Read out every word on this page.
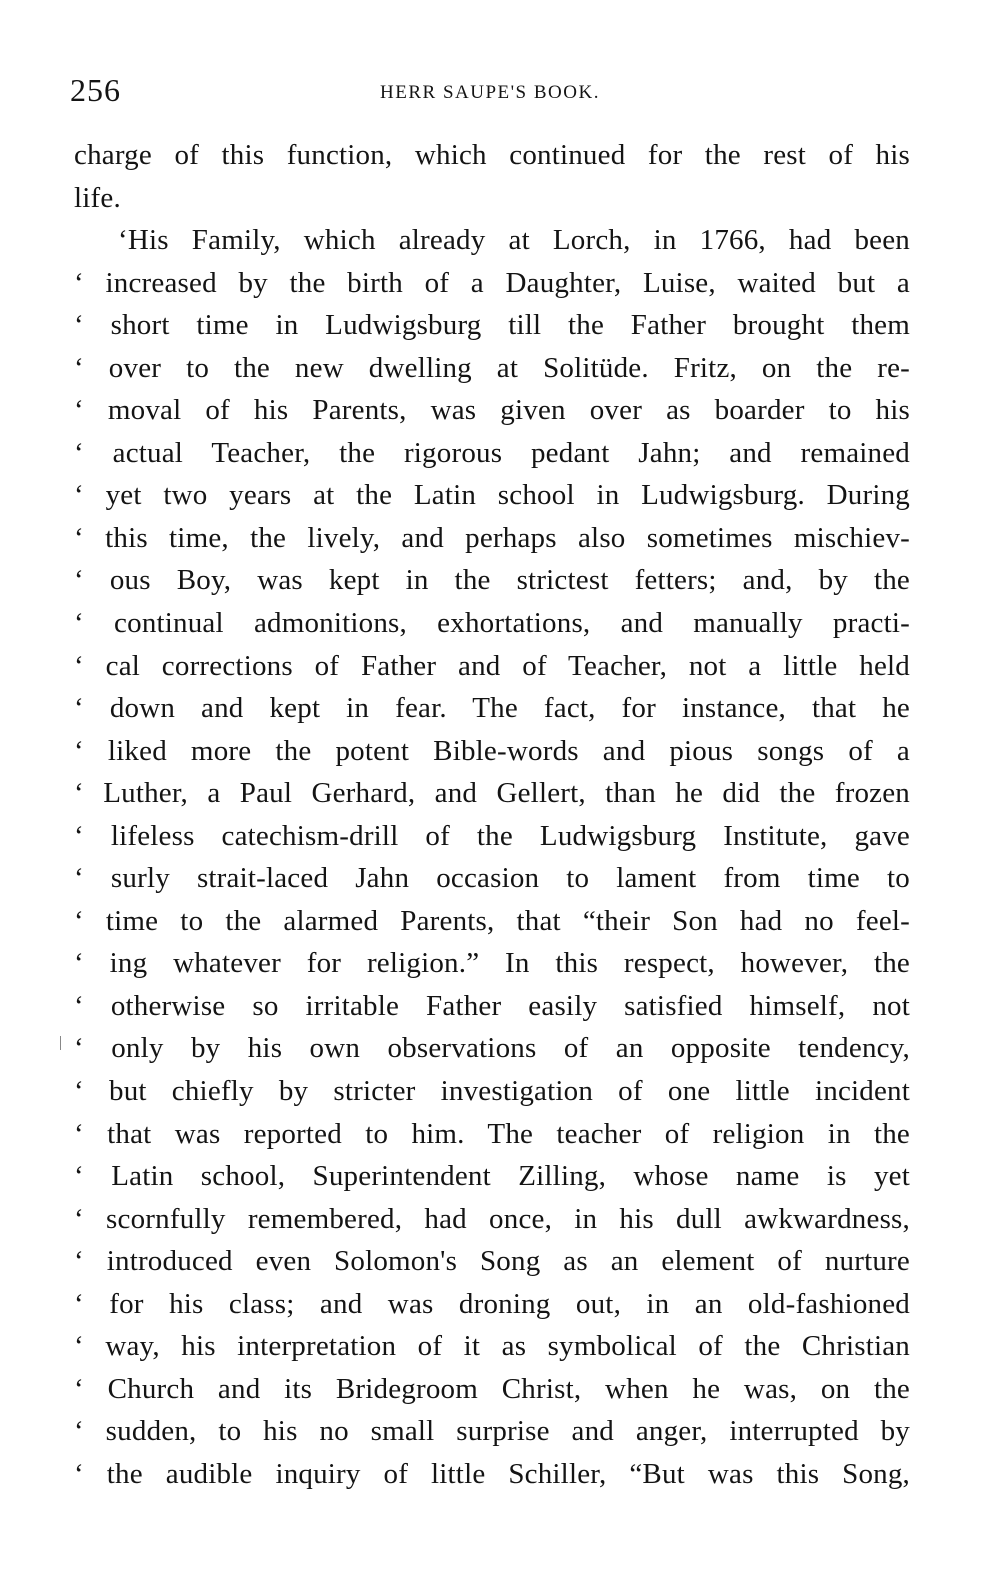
256	HERR SAUPE'S BOOK.
charge of this function, which continued for the rest of his
life.
‘His Family, which already at Lorch, in 1766, had been
‘ increased by the birth of a Daughter, Luise, waited but a
‘ short time in Ludwigsburg till the Father brought them
‘ over to the new dwelling at Solitüde. Fritz, on the re-
‘ moval of his Parents, was given over as boarder to his
‘ actual Teacher, the rigorous pedant Jahn; and remained
‘ yet two years at the Latin school in Ludwigsburg. During
‘ this time, the lively, and perhaps also sometimes mischiev-
‘ ous Boy, was kept in the strictest fetters; and, by the
‘ continual admonitions, exhortations, and manually practi-
‘ cal corrections of Father and of Teacher, not a little held
‘ down and kept in fear. The fact, for instance, that he
‘ liked more the potent Bible-words and pious songs of a
‘ Luther, a Paul Gerhard, and Gellert, than he did the frozen
‘ lifeless catechism-drill of the Ludwigsburg Institute, gave
‘ surly strait-laced Jahn occasion to lament from time to
‘ time to the alarmed Parents, that “their Son had no feel-
‘ ing whatever for religion.” In this respect, however, the
‘ otherwise so irritable Father easily satisfied himself, not
‘ only by his own observations of an opposite tendency,
‘ but chiefly by stricter investigation of one little incident
‘ that was reported to him. The teacher of religion in the
‘ Latin school, Superintendent Zilling, whose name is yet
‘ scornfully remembered, had once, in his dull awkwardness,
‘ introduced even Solomon's Song as an element of nurture
‘ for his class; and was droning out, in an old-fashioned
‘ way, his interpretation of it as symbolical of the Christian
‘ Church and its Bridegroom Christ, when he was, on the
‘ sudden, to his no small surprise and anger, interrupted by
‘ the audible inquiry of little Schiller, “But was this Song,
